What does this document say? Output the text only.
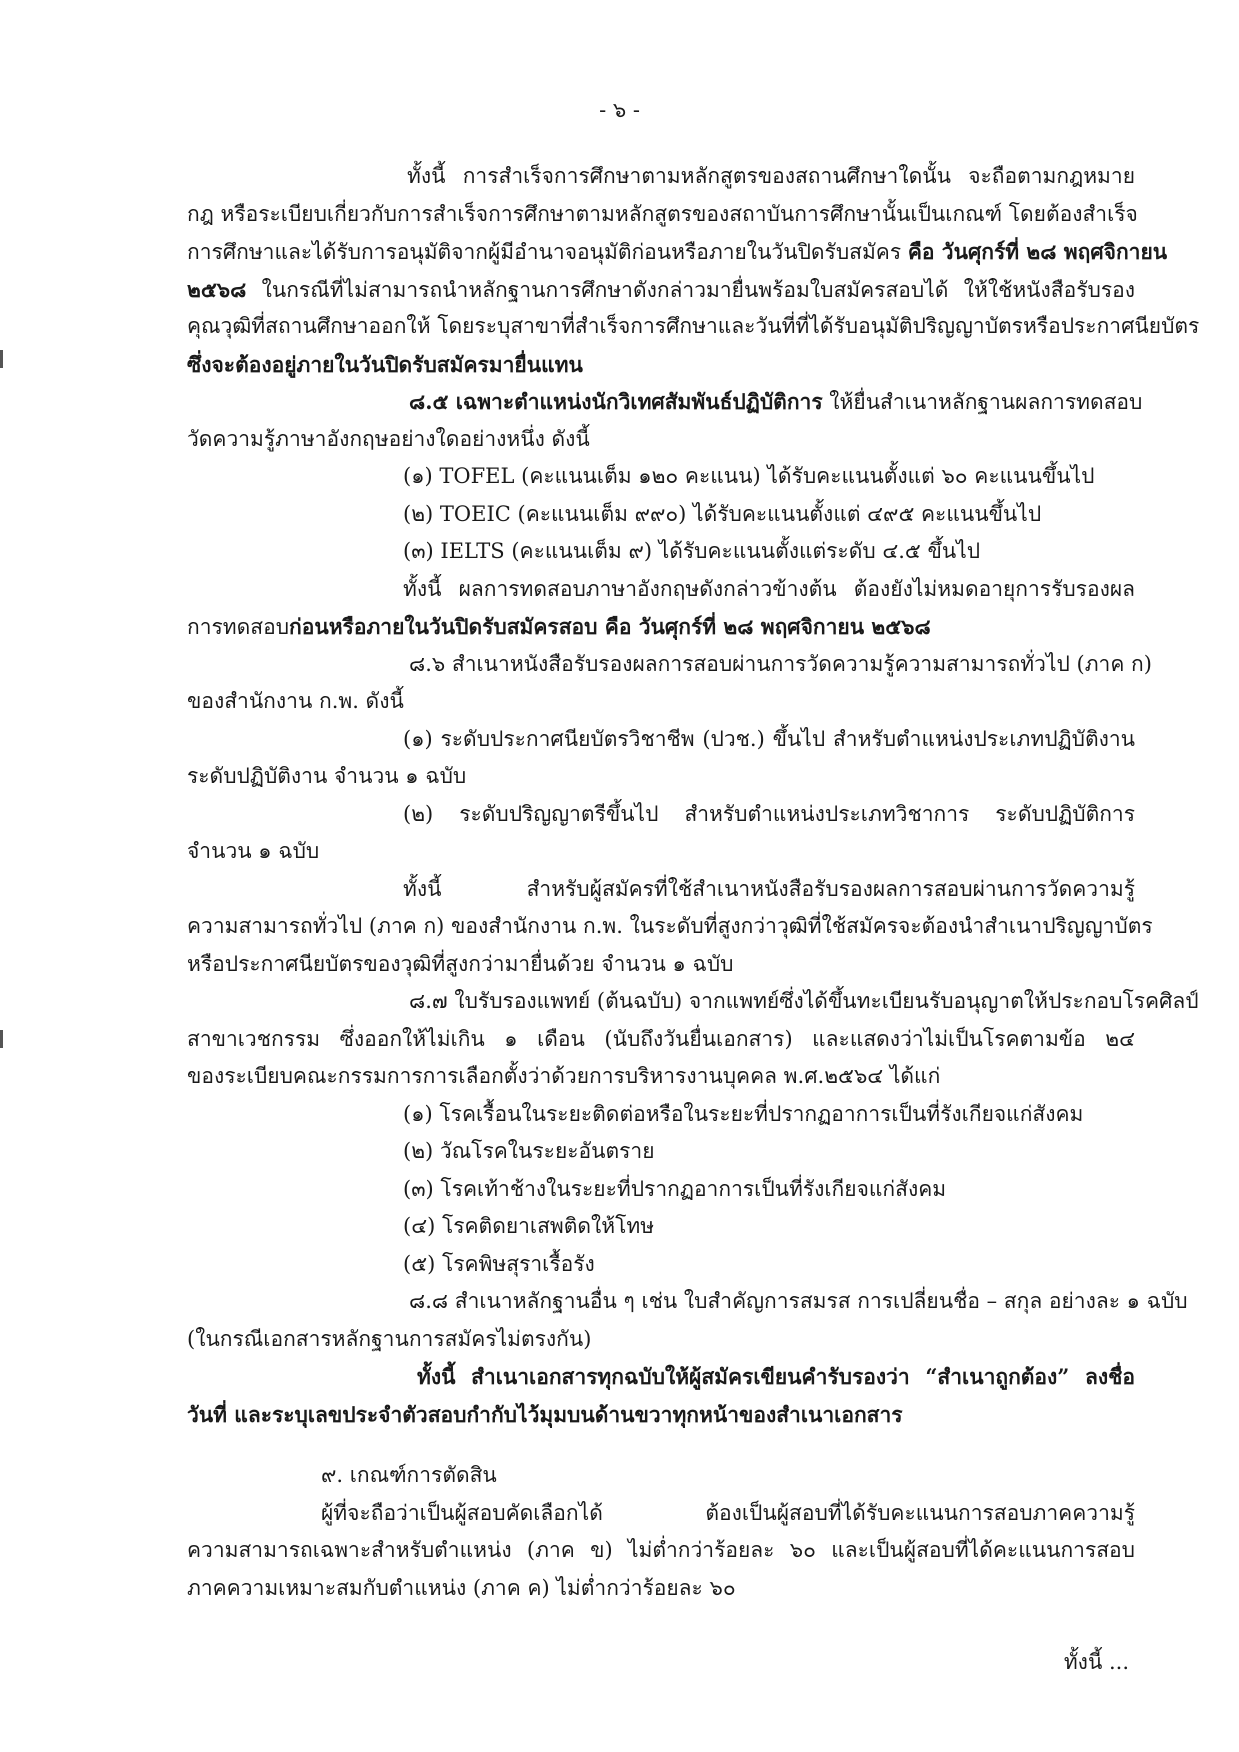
- ๖ -
ทั้งนี้ การสำเร็จการศึกษาตามหลักสูตรของสถานศึกษาใดนั้น จะถือตามกฎหมาย
กฎ หรือระเบียบเกี่ยวกับการสำเร็จการศึกษาตามหลักสูตรของสถาบันการศึกษานั้นเป็นเกณฑ์ โดยต้องสำเร็จ
การศึกษาและได้รับการอนุมัติจากผู้มีอำนาจอนุมัติก่อนหรือภายในวันปิดรับสมัคร คือ วันศุกร์ที่ ๒๘ พฤศจิกายน
๒๕๖๘ ในกรณีที่ไม่สามารถนำหลักฐานการศึกษาดังกล่าวมายื่นพร้อมใบสมัครสอบได้ ให้ใช้หนังสือรับรอง
คุณวุฒิที่สถานศึกษาออกให้ โดยระบุสาขาที่สำเร็จการศึกษาและวันที่ที่ได้รับอนุมัติปริญญาบัตรหรือประกาศนียบัตร
ซึ่งจะต้องอยู่ภายในวันปิดรับสมัครมายื่นแทน
๘.๕ เฉพาะตำแหน่งนักวิเทศสัมพันธ์ปฏิบัติการ ให้ยื่นสำเนาหลักฐานผลการทดสอบ
วัดความรู้ภาษาอังกฤษอย่างใดอย่างหนึ่ง ดังนี้
(๑) TOFEL (คะแนนเต็ม ๑๒๐ คะแนน) ได้รับคะแนนตั้งแต่ ๖๐ คะแนนขึ้นไป
(๒) TOEIC (คะแนนเต็ม ๙๙๐) ได้รับคะแนนตั้งแต่ ๔๙๕ คะแนนขึ้นไป
(๓) IELTS (คะแนนเต็ม ๙) ได้รับคะแนนตั้งแต่ระดับ ๔.๕ ขึ้นไป
ทั้งนี้ ผลการทดสอบภาษาอังกฤษดังกล่าวข้างต้น ต้องยังไม่หมดอายุการรับรองผล
การทดสอบก่อนหรือภายในวันปิดรับสมัครสอบ คือ วันศุกร์ที่ ๒๘ พฤศจิกายน ๒๕๖๘
๘.๖ สำเนาหนังสือรับรองผลการสอบผ่านการวัดความรู้ความสามารถทั่วไป (ภาค ก)
ของสำนักงาน ก.พ. ดังนี้
(๑) ระดับประกาศนียบัตรวิชาชีพ (ปวช.) ขึ้นไป สำหรับตำแหน่งประเภทปฏิบัติงาน
ระดับปฏิบัติงาน จำนวน ๑ ฉบับ
(๒) ระดับปริญญาตรีขึ้นไป สำหรับตำแหน่งประเภทวิชาการ ระดับปฏิบัติการ
จำนวน ๑ ฉบับ
ทั้งนี้ สำหรับผู้สมัครที่ใช้สำเนาหนังสือรับรองผลการสอบผ่านการวัดความรู้
ความสามารถทั่วไป (ภาค ก) ของสำนักงาน ก.พ. ในระดับที่สูงกว่าวุฒิที่ใช้สมัครจะต้องนำสำเนาปริญญาบัตร
หรือประกาศนียบัตรของวุฒิที่สูงกว่ามายื่นด้วย จำนวน ๑ ฉบับ
๘.๗ ใบรับรองแพทย์ (ต้นฉบับ) จากแพทย์ซึ่งได้ขึ้นทะเบียนรับอนุญาตให้ประกอบโรคศิลป์
สาขาเวชกรรม ซึ่งออกให้ไม่เกิน ๑ เดือน (นับถึงวันยื่นเอกสาร) และแสดงว่าไม่เป็นโรคตามข้อ ๒๔
ของระเบียบคณะกรรมการการเลือกตั้งว่าด้วยการบริหารงานบุคคล พ.ศ.๒๕๖๔ ได้แก่
(๑) โรคเรื้อนในระยะติดต่อหรือในระยะที่ปรากฏอาการเป็นที่รังเกียจแก่สังคม
(๒) วัณโรคในระยะอันตราย
(๓) โรคเท้าช้างในระยะที่ปรากฏอาการเป็นที่รังเกียจแก่สังคม
(๔) โรคติดยาเสพติดให้โทษ
(๕) โรคพิษสุราเรื้อรัง
๘.๘ สำเนาหลักฐานอื่น ๆ เช่น ใบสำคัญการสมรส การเปลี่ยนชื่อ – สกุล อย่างละ ๑ ฉบับ
(ในกรณีเอกสารหลักฐานการสมัครไม่ตรงกัน)
ทั้งนี้ สำเนาเอกสารทุกฉบับให้ผู้สมัครเขียนคำรับรองว่า “สำเนาถูกต้อง” ลงชื่อ
วันที่ และระบุเลขประจำตัวสอบกำกับไว้มุมบนด้านขวาทุกหน้าของสำเนาเอกสาร
๙. เกณฑ์การตัดสิน
ผู้ที่จะถือว่าเป็นผู้สอบคัดเลือกได้ ต้องเป็นผู้สอบที่ได้รับคะแนนการสอบภาคความรู้
ความสามารถเฉพาะสำหรับตำแหน่ง (ภาค ข) ไม่ต่ำกว่าร้อยละ ๖๐ และเป็นผู้สอบที่ได้คะแนนการสอบ
ภาคความเหมาะสมกับตำแหน่ง (ภาค ค) ไม่ต่ำกว่าร้อยละ ๖๐
ทั้งนี้ ...
